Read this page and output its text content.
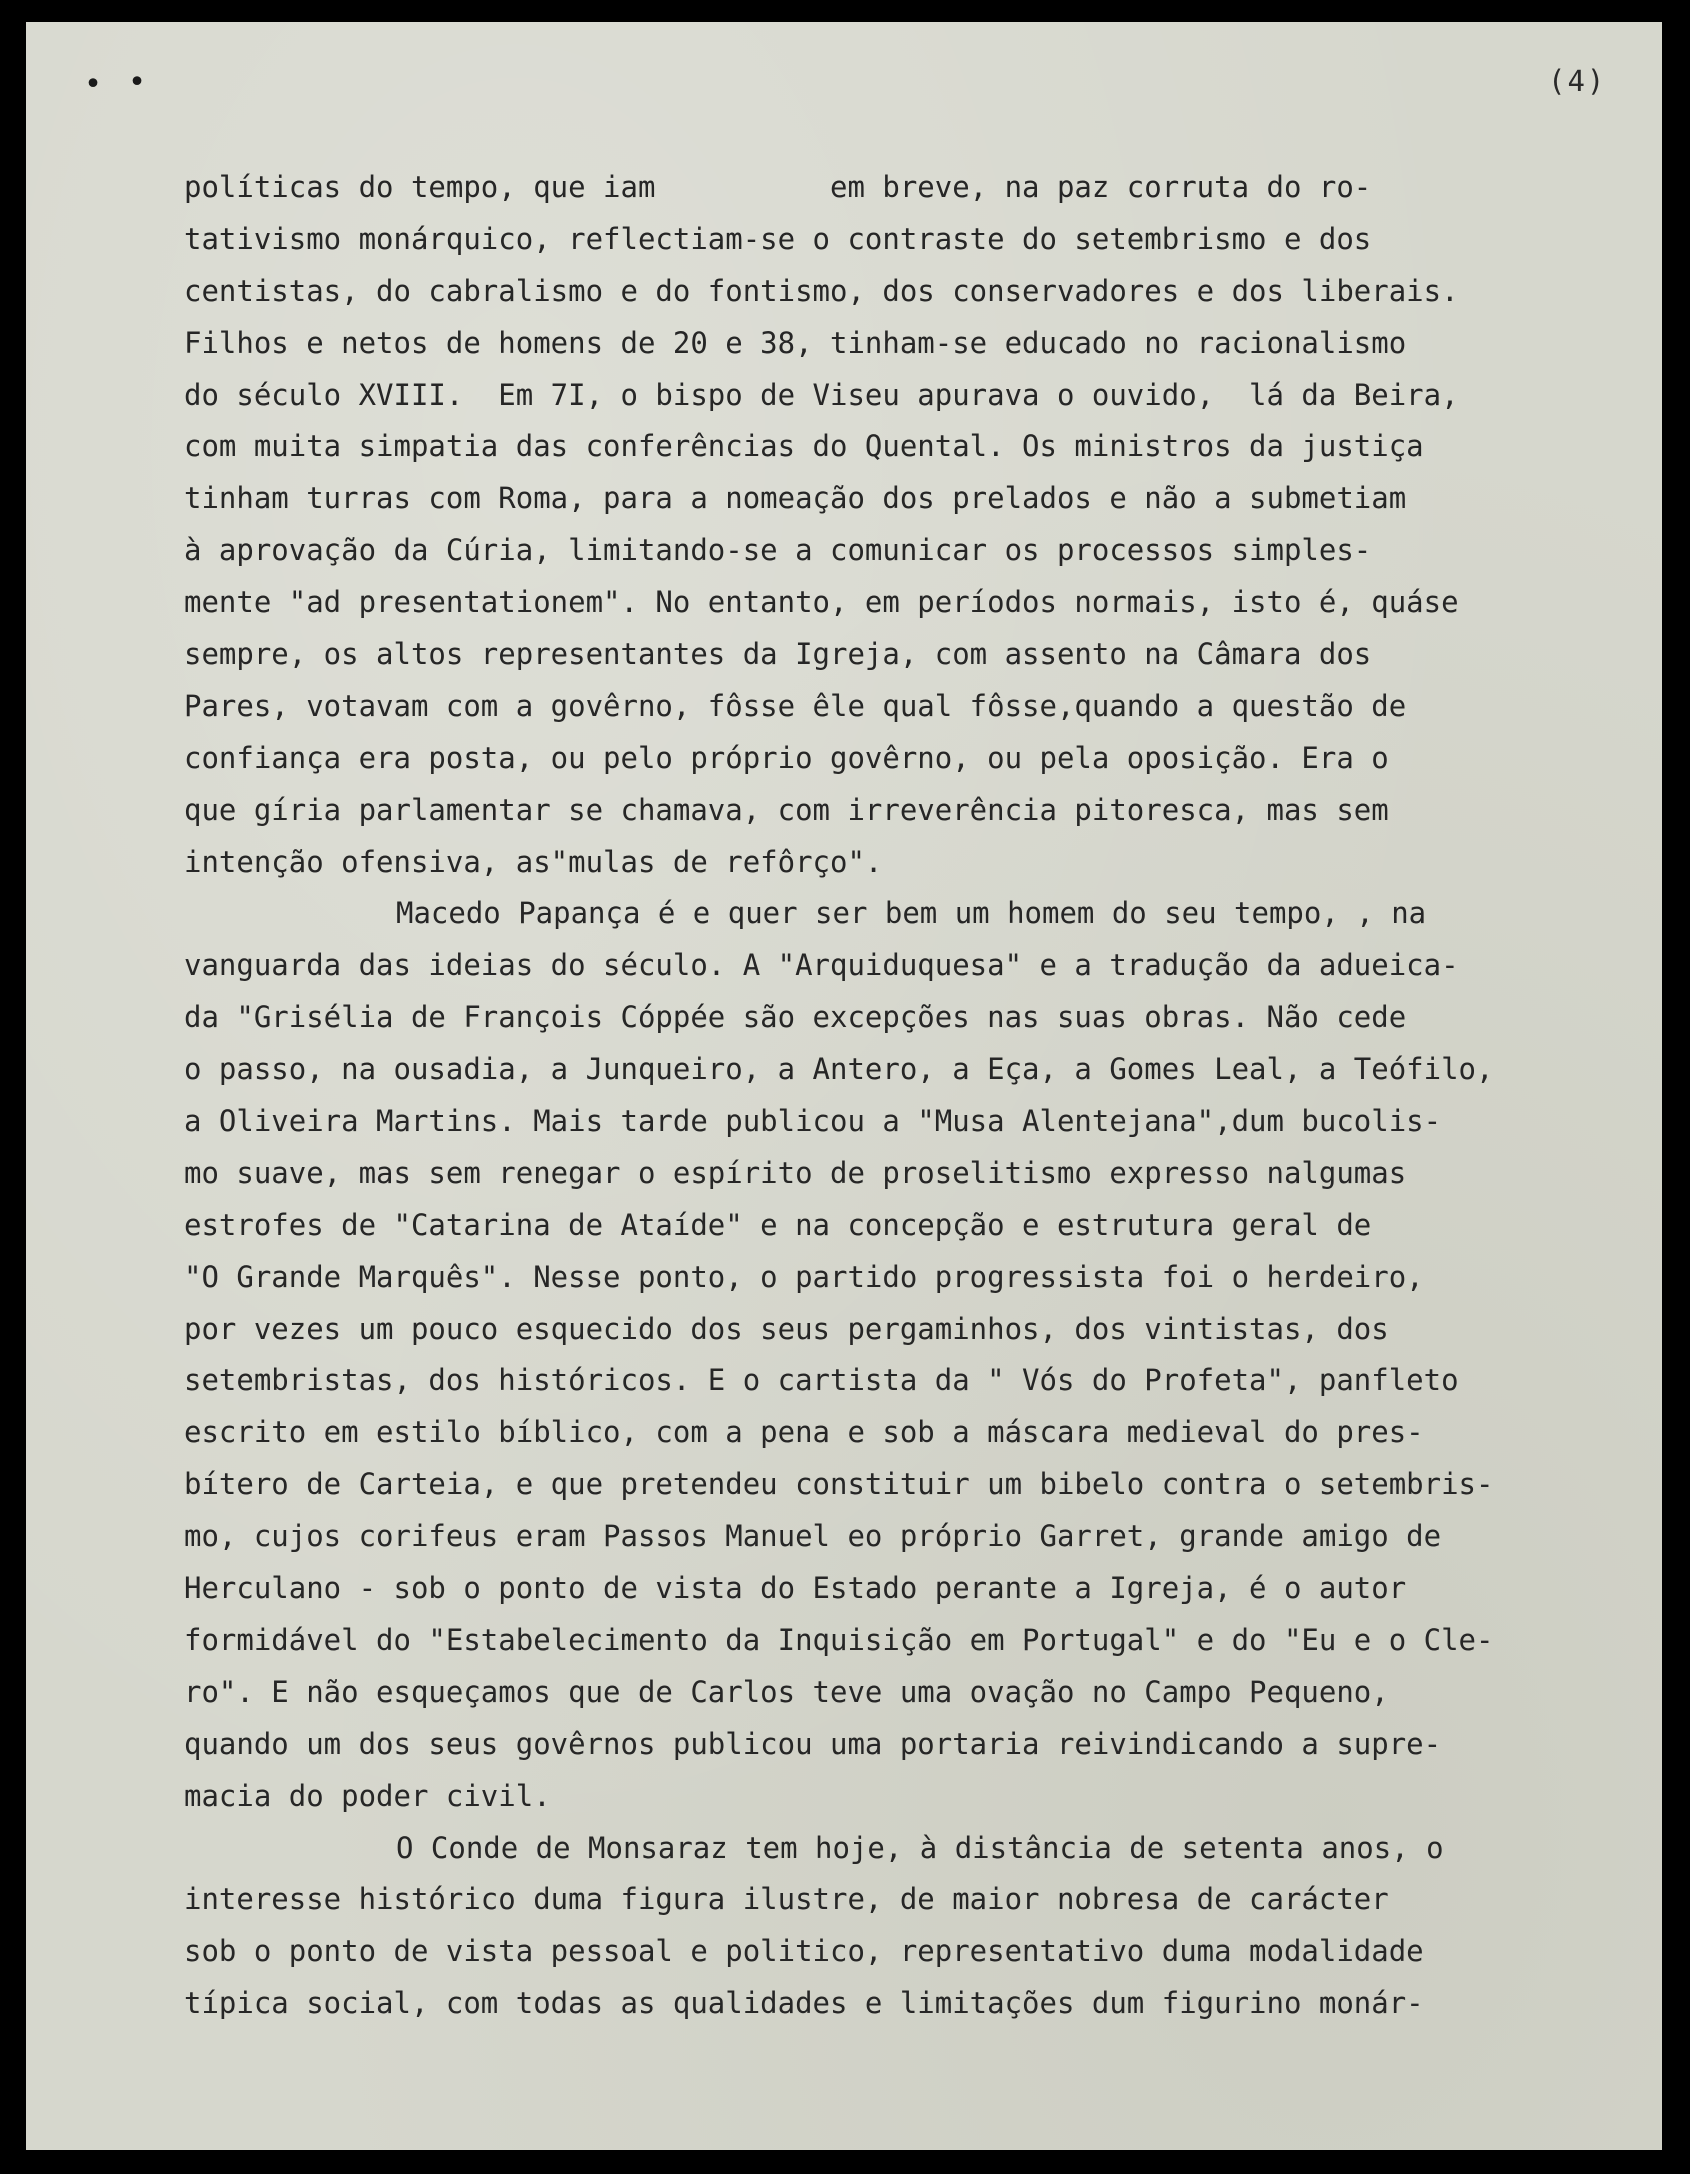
• •	(4)
políticas do tempo, que iam          em breve, na paz corruta do ro-
tativismo monárquico, reflectiam-se o contraste do setembrismo e dos
centistas, do cabralismo e do fontismo, dos conservadores e dos liberais.
Filhos e netos de homens de 20 e 38, tinham-se educado no racionalismo
do século XVIII.  Em 7I, o bispo de Viseu apurava o ouvido,  lá da Beira,
com muita simpatia das conferências do Quental. Os ministros da justiça
tinham turras com Roma, para a nomeação dos prelados e não a submetiam
à aprovação da Cúria, limitando-se a comunicar os processos simples-
mente "ad presentationem". No entanto, em períodos normais, isto é, quáse
sempre, os altos representantes da Igreja, com assento na Câmara dos
Pares, votavam com a govêrno, fôsse êle qual fôsse,quando a questão de
confiança era posta, ou pelo próprio govêrno, ou pela oposição. Era o
que gíria parlamentar se chamava, com irreverência pitoresca, mas sem
intenção ofensiva, as"mulas de refôrço".
Macedo Papança é e quer ser bem um homem do seu tempo, , na
vanguarda das ideias do século. A "Arquiduquesa" e a tradução da adueica-
da "Grisélia de François Cóppée são excepções nas suas obras. Não cede
o passo, na ousadia, a Junqueiro, a Antero, a Eça, a Gomes Leal, a Teófilo,
a Oliveira Martins. Mais tarde publicou a "Musa Alentejana",dum bucolis-
mo suave, mas sem renegar o espírito de proselitismo expresso nalgumas
estrofes de "Catarina de Ataíde" e na concepção e estrutura geral de
"O Grande Marquês". Nesse ponto, o partido progressista foi o herdeiro,
por vezes um pouco esquecido dos seus pergaminhos, dos vintistas, dos
setembristas, dos históricos. E o cartista da " Vós do Profeta", panfleto
escrito em estilo bíblico, com a pena e sob a máscara medieval do pres-
bítero de Carteia, e que pretendeu constituir um bibelo contra o setembris-
mo, cujos corifeus eram Passos Manuel eo próprio Garret, grande amigo de
Herculano - sob o ponto de vista do Estado perante a Igreja, é o autor
formidável do "Estabelecimento da Inquisição em Portugal" e do "Eu e o Cle-
ro". E não esqueçamos que de Carlos teve uma ovação no Campo Pequeno,
quando um dos seus govêrnos publicou uma portaria reivindicando a supre-
macia do poder civil.
O Conde de Monsaraz tem hoje, à distância de setenta anos, o
interesse histórico duma figura ilustre, de maior nobresa de carácter
sob o ponto de vista pessoal e politico, representativo duma modalidade
típica social, com todas as qualidades e limitações dum figurino monár-
